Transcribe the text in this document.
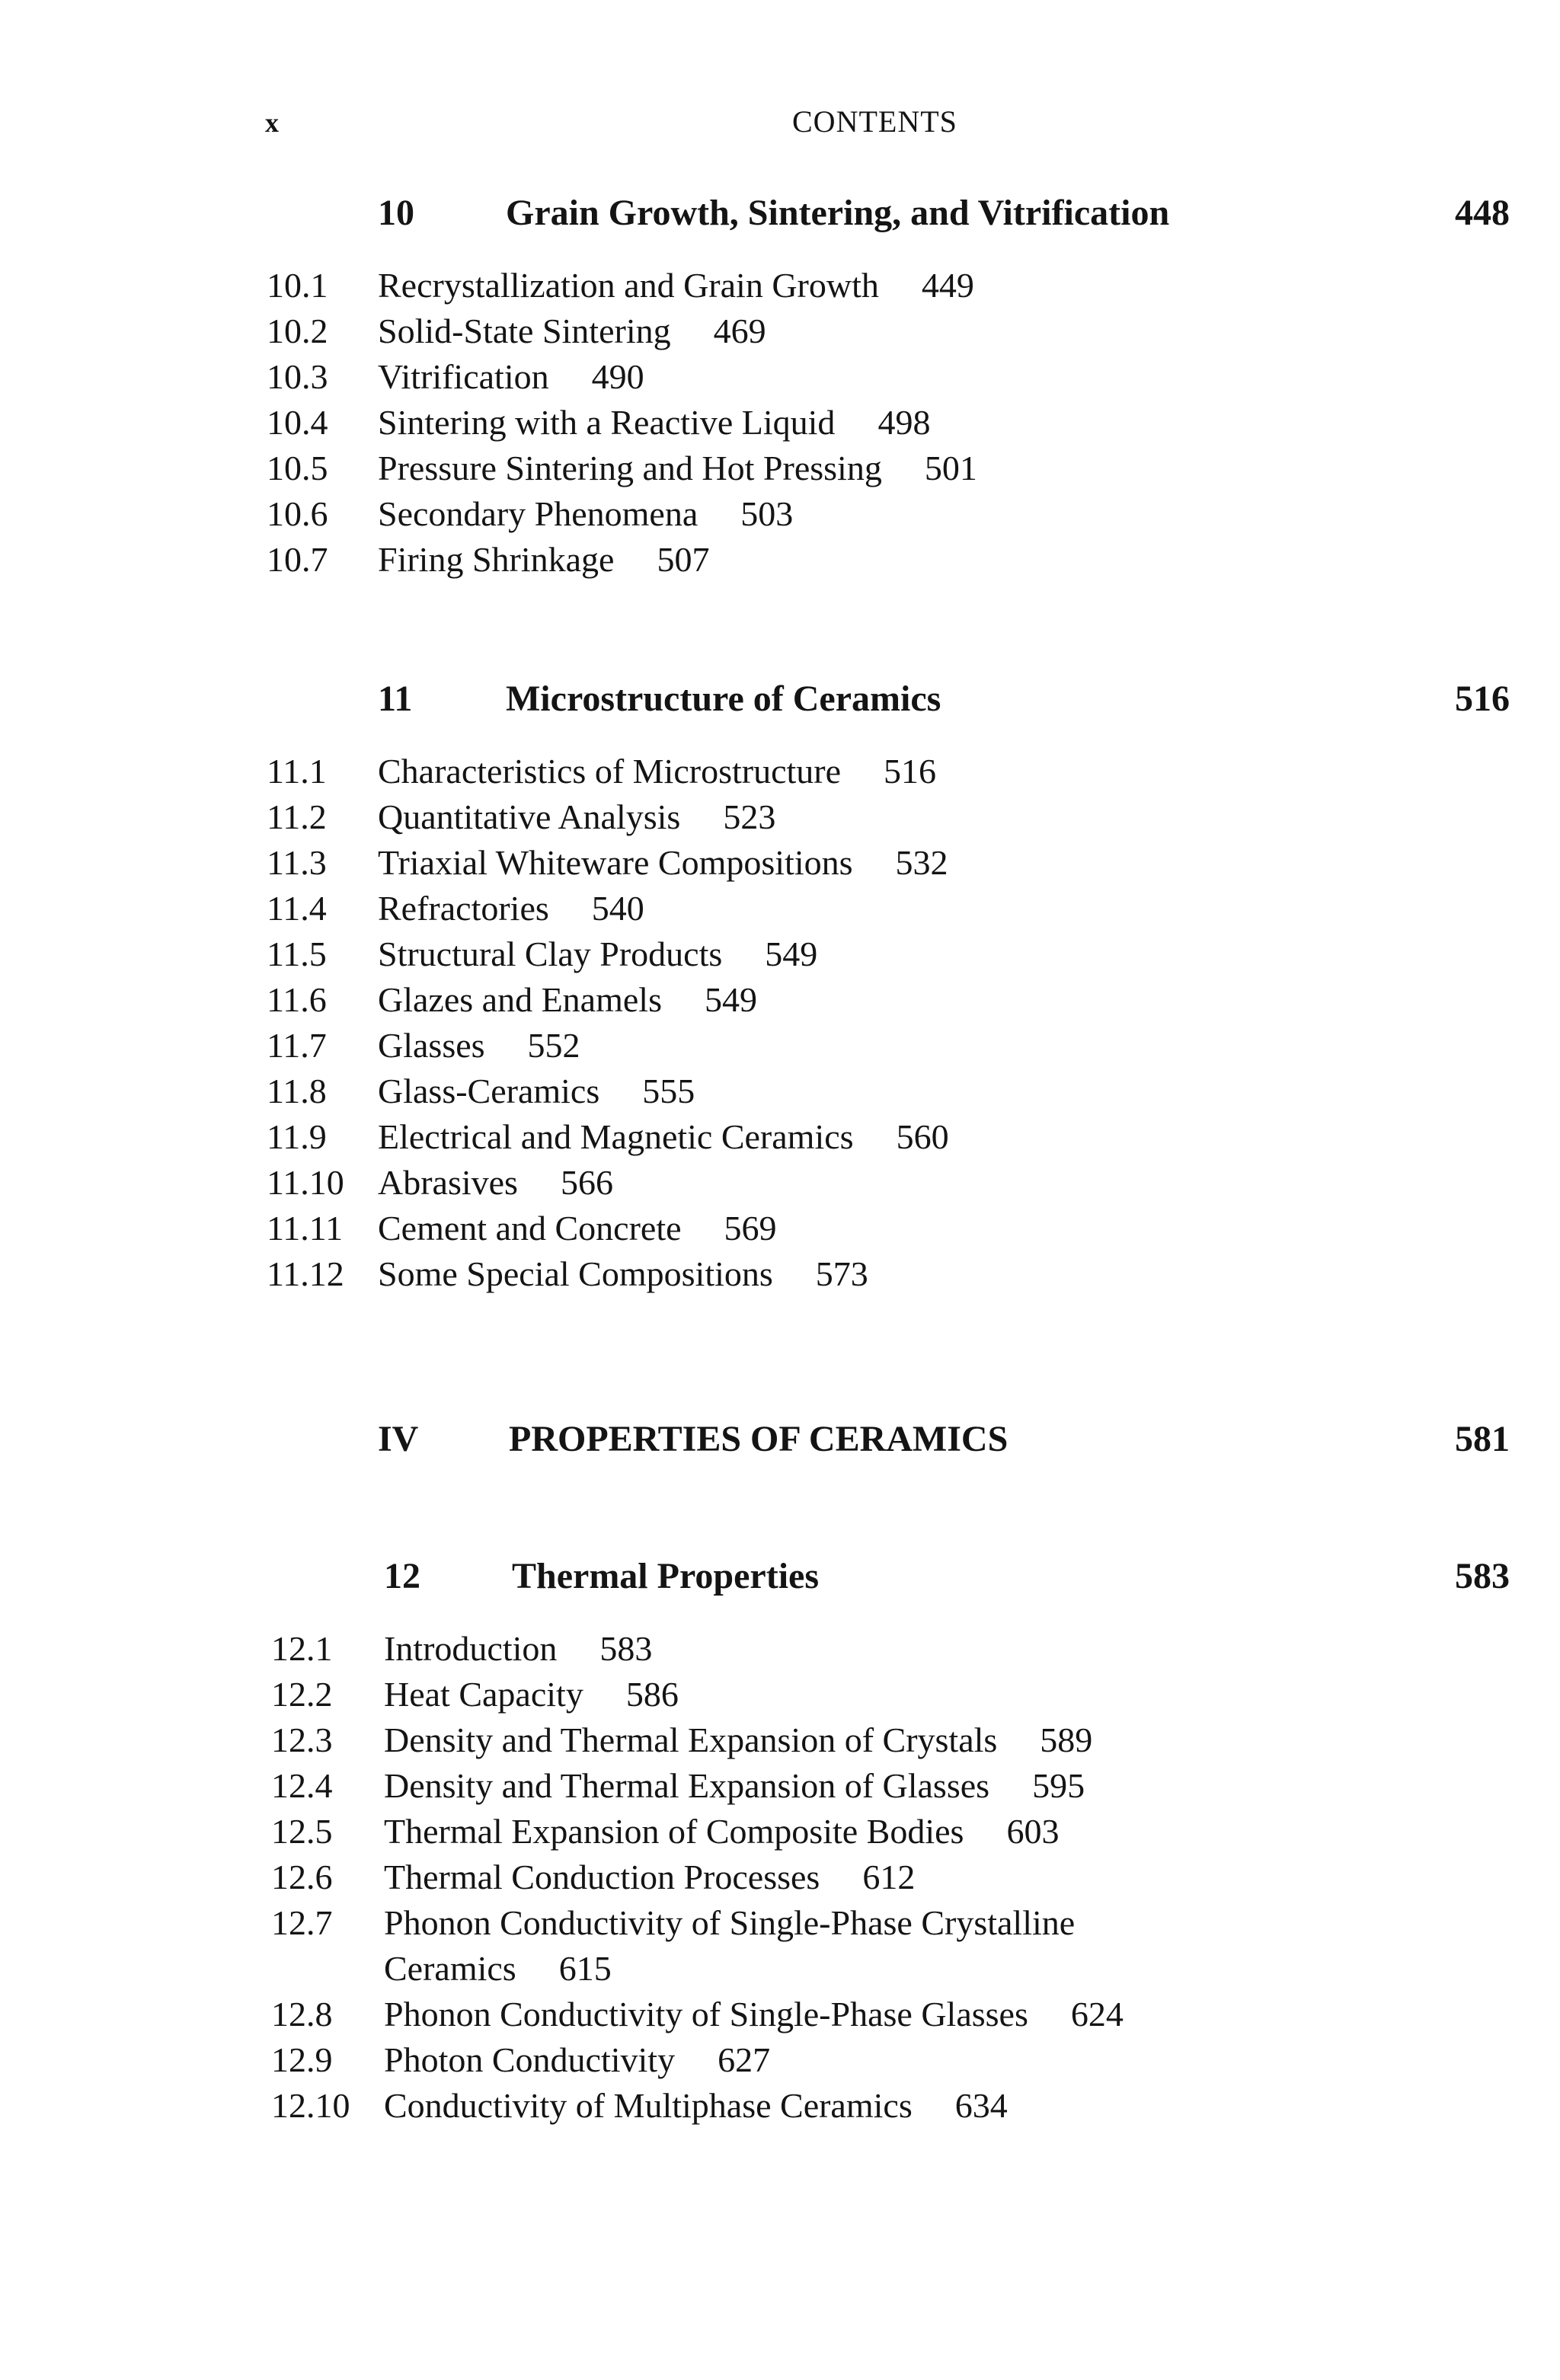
x	CONTENTS
10	Grain Growth, Sintering, and Vitrification	448
10.1 Recrystallization and Grain Growth 449
10.2 Solid-State Sintering 469
10.3 Vitrification 490
10.4 Sintering with a Reactive Liquid 498
10.5 Pressure Sintering and Hot Pressing 501
10.6 Secondary Phenomena 503
10.7 Firing Shrinkage 507
11	Microstructure of Ceramics	516
11.1 Characteristics of Microstructure 516
11.2 Quantitative Analysis 523
11.3 Triaxial Whiteware Compositions 532
11.4 Refractories 540
11.5 Structural Clay Products 549
11.6 Glazes and Enamels 549
11.7 Glasses 552
11.8 Glass-Ceramics 555
11.9 Electrical and Magnetic Ceramics 560
11.10 Abrasives 566
11.11 Cement and Concrete 569
11.12 Some Special Compositions 573
IV PROPERTIES OF CERAMICS	581
12	Thermal Properties	583
12.1 Introduction 583
12.2 Heat Capacity 586
12.3 Density and Thermal Expansion of Crystals 589
12.4 Density and Thermal Expansion of Glasses 595
12.5 Thermal Expansion of Composite Bodies 603
12.6 Thermal Conduction Processes 612
12.7 Phonon Conductivity of Single-Phase Crystalline
Ceramics 615
12.8 Phonon Conductivity of Single-Phase Glasses 624
12.9 Photon Conductivity 627
12.10 Conductivity of Multiphase Ceramics 634
